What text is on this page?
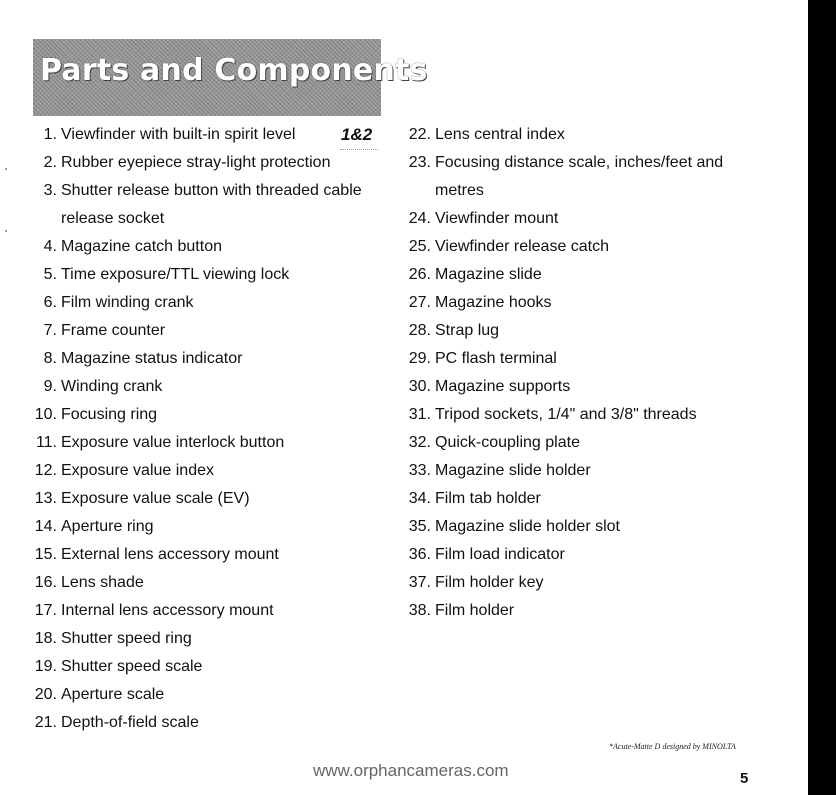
Parts and Components
1. Viewfinder with built-in spirit level	1&2
2. Rubber eyepiece stray-light protection
3. Shutter release button with threaded cable
release socket
4. Magazine catch button
5. Time exposure/TTL viewing lock
6. Film winding crank
7. Frame counter
8. Magazine status indicator
9. Winding crank
10. Focusing ring
11. Exposure value interlock button
12. Exposure value index
13. Exposure value scale (EV)
14. Aperture ring
15. External lens accessory mount
16. Lens shade
17. Internal lens accessory mount
18. Shutter speed ring
19. Shutter speed scale
20. Aperture scale
21. Depth-of-field scale
22. Lens central index
23. Focusing distance scale, inches/feet and
metres
24. Viewfinder mount
25. Viewfinder release catch
26. Magazine slide
27. Magazine hooks
28. Strap lug
29. PC flash terminal
30. Magazine supports
31. Tripod sockets, 1/4" and 3/8" threads
32. Quick-coupling plate
33. Magazine slide holder
34. Film tab holder
35. Magazine slide holder slot
36. Film load indicator
37. Film holder key
38. Film holder
*Acute-Matte D designed by MINOLTA
www.orphancameras.com	5
